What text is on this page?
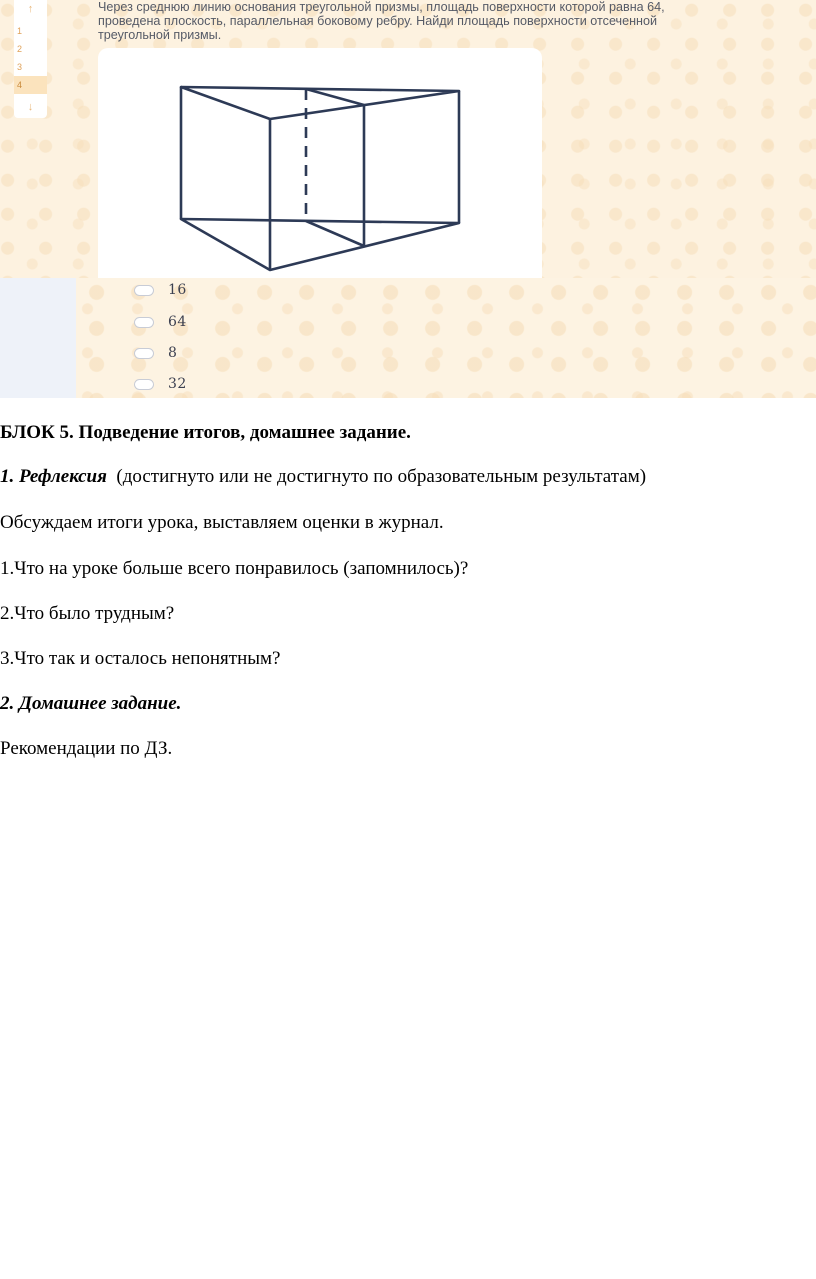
↑
1
2
3
4
↓
Через среднюю линию основания треугольной призмы, площадь поверхности которой равна 64,
проведена плоскость, параллельная боковому ребру. Найди площадь поверхности отсеченной
треугольной призмы.
16
64
8
32

БЛОК 5. Подведение итогов, домашнее задание.

1. Рефлексия (достигнуто или не достигнуто по образовательным результатам)

Обсуждаем итоги урока, выставляем оценки в журнал.

1.Что на уроке больше всего понравилось (запомнилось)?

2.Что было трудным?

3.Что так и осталось непонятным?

2. Домашнее задание.

Рекомендации по ДЗ.
